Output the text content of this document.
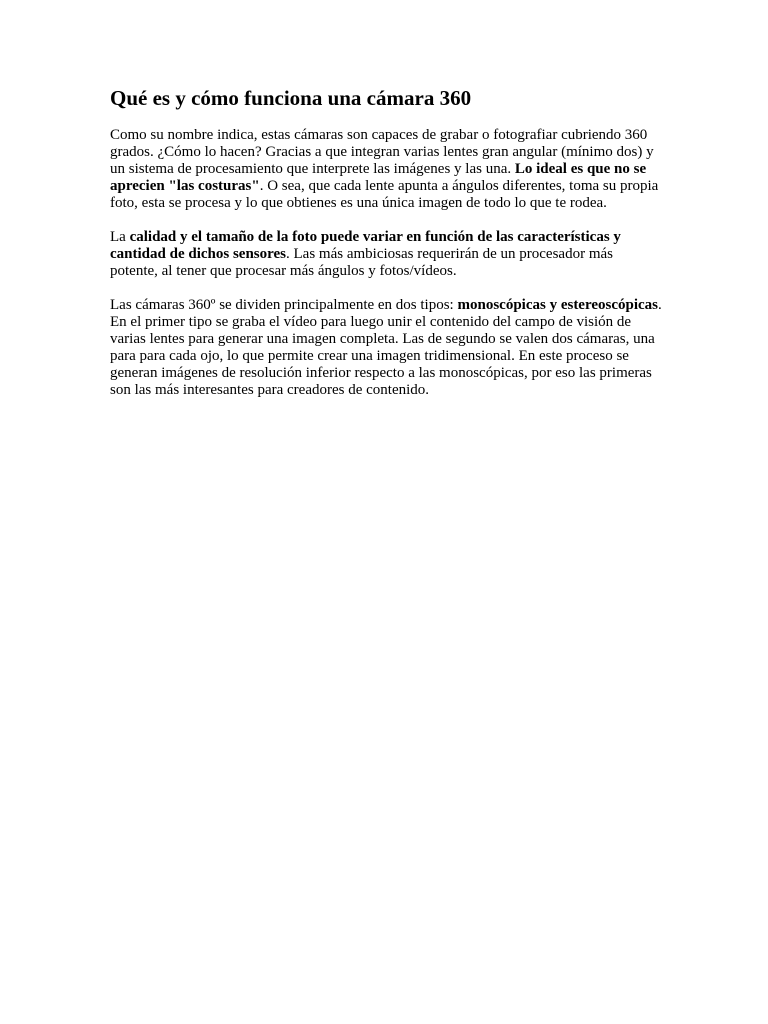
Qué es y cómo funciona una cámara 360

Como su nombre indica, estas cámaras son capaces de grabar o fotografiar cubriendo 360 grados. ¿Cómo lo hacen? Gracias a que integran varias lentes gran angular (mínimo dos) y un sistema de procesamiento que interprete las imágenes y las una. Lo ideal es que no se aprecien "las costuras". O sea, que cada lente apunta a ángulos diferentes, toma su propia foto, esta se procesa y lo que obtienes es una única imagen de todo lo que te rodea.

La calidad y el tamaño de la foto puede variar en función de las características y cantidad de dichos sensores. Las más ambiciosas requerirán de un procesador más potente, al tener que procesar más ángulos y fotos/vídeos.

Las cámaras 360º se dividen principalmente en dos tipos: monoscópicas y estereoscópicas. En el primer tipo se graba el vídeo para luego unir el contenido del campo de visión de varias lentes para generar una imagen completa. Las de segundo se valen dos cámaras, una para para cada ojo, lo que permite crear una imagen tridimensional. En este proceso se generan imágenes de resolución inferior respecto a las monoscópicas, por eso las primeras son las más interesantes para creadores de contenido.
